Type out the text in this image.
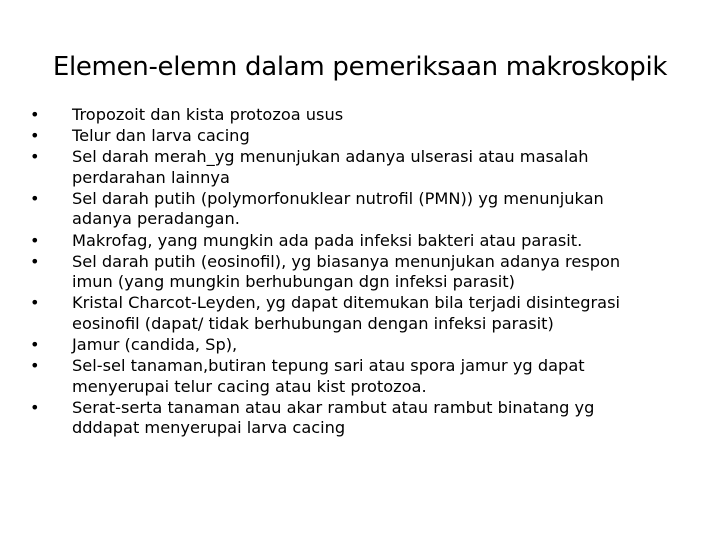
Elemen-elemn dalam pemeriksaan makroskopik
• Tropozoit dan kista protozoa usus
• Telur dan larva cacing
• Sel darah merah_yg menunjukan adanya ulserasi atau masalah
perdarahan lainnya
• Sel darah putih (polymorfonuklear nutrofil (PMN)) yg menunjukan
adanya peradangan.
• Makrofag, yang mungkin ada pada infeksi bakteri atau parasit.
• Sel darah putih (eosinofil), yg biasanya menunjukan adanya respon
imun (yang mungkin berhubungan dgn infeksi parasit)
• Kristal Charcot-Leyden, yg dapat ditemukan bila terjadi disintegrasi
eosinofil (dapat/ tidak berhubungan dengan infeksi parasit)
• Jamur (candida, Sp),
• Sel-sel tanaman,butiran tepung sari atau spora jamur yg dapat
menyerupai telur cacing atau kist protozoa.
• Serat-serta tanaman atau akar rambut atau rambut binatang yg
dddapat menyerupai larva cacing
